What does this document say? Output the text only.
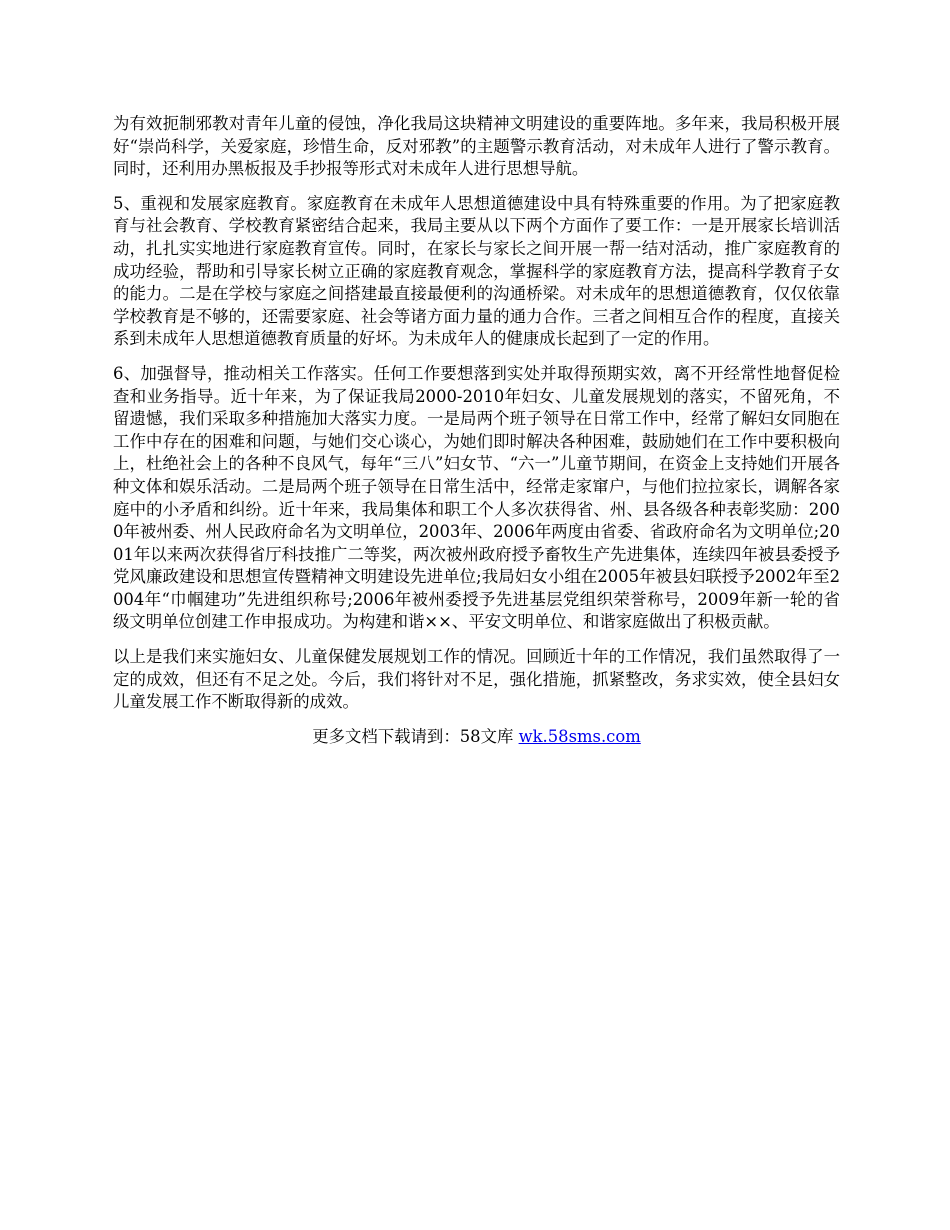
为有效扼制邪教对青年儿童的侵蚀，净化我局这块精神文明建设的重要阵地。多年来，我局积极开展好“崇尚科学，关爱家庭，珍惜生命，反对邪教”的主题警示教育活动，对未成年人进行了警示教育。同时，还利用办黑板报及手抄报等形式对未成年人进行思想导航。

5、重视和发展家庭教育。家庭教育在未成年人思想道德建设中具有特殊重要的作用。为了把家庭教育与社会教育、学校教育紧密结合起来，我局主要从以下两个方面作了要工作：一是开展家长培训活动，扎扎实实地进行家庭教育宣传。同时，在家长与家长之间开展一帮一结对活动，推广家庭教育的成功经验，帮助和引导家长树立正确的家庭教育观念，掌握科学的家庭教育方法，提高科学教育子女的能力。二是在学校与家庭之间搭建最直接最便利的沟通桥梁。对未成年的思想道德教育，仅仅依靠学校教育是不够的，还需要家庭、社会等诸方面力量的通力合作。三者之间相互合作的程度，直接关系到未成年人思想道德教育质量的好坏。为未成年人的健康成长起到了一定的作用。

6、加强督导，推动相关工作落实。任何工作要想落到实处并取得预期实效，离不开经常性地督促检查和业务指导。近十年来，为了保证我局2000-2010年妇女、儿童发展规划的落实，不留死角，不留遗憾，我们采取多种措施加大落实力度。一是局两个班子领导在日常工作中，经常了解妇女同胞在工作中存在的困难和问题，与她们交心谈心，为她们即时解决各种困难，鼓励她们在工作中要积极向上，杜绝社会上的各种不良风气，每年“三八”妇女节、“六一”儿童节期间，在资金上支持她们开展各种文体和娱乐活动。二是局两个班子领导在日常生活中，经常走家窜户，与他们拉拉家长，调解各家庭中的小矛盾和纠纷。近十年来，我局集体和职工个人多次获得省、州、县各级各种表彰奖励：2000年被州委、州人民政府命名为文明单位，2003年、2006年两度由省委、省政府命名为文明单位;2001年以来两次获得省厅科技推广二等奖，两次被州政府授予畜牧生产先进集体，连续四年被县委授予党风廉政建设和思想宣传暨精神文明建设先进单位;我局妇女小组在2005年被县妇联授予2002年至2004年“巾帼建功”先进组织称号;2006年被州委授予先进基层党组织荣誉称号，2009年新一轮的省级文明单位创建工作申报成功。为构建和谐××、平安文明单位、和谐家庭做出了积极贡献。

以上是我们来实施妇女、儿童保健发展规划工作的情况。回顾近十年的工作情况，我们虽然取得了一定的成效，但还有不足之处。今后，我们将针对不足，强化措施，抓紧整改，务求实效，使全县妇女儿童发展工作不断取得新的成效。

更多文档下载请到：58文库 wk.58sms.com
